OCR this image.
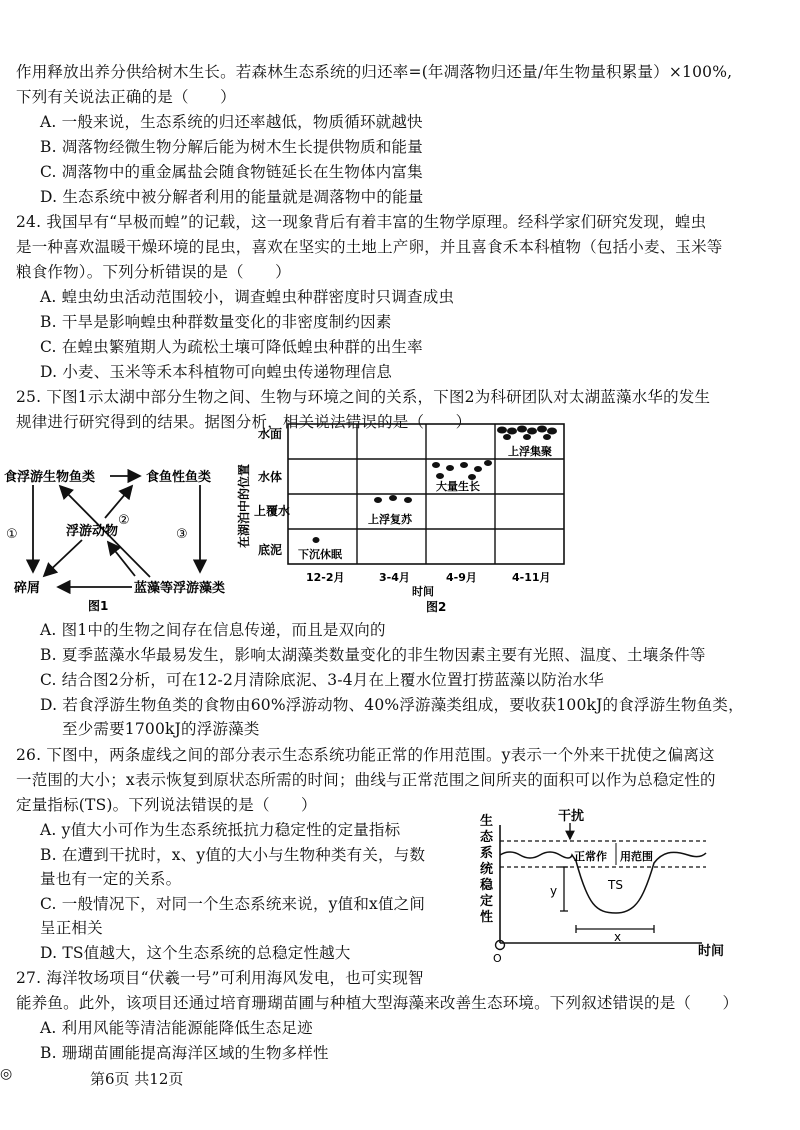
作用释放出养分供给树木生长。若森林生态系统的归还率=(年凋落物归还量/年生物量积累量）×100%,
下列有关说法正确的是（　　）
A. 一般来说，生态系统的归还率越低，物质循环就越快
B. 凋落物经微生物分解后能为树木生长提供物质和能量
C. 凋落物中的重金属盐会随食物链延长在生物体内富集
D. 生态系统中被分解者利用的能量就是凋落物中的能量
24. 我国早有“早极而蝗”的记载，这一现象背后有着丰富的生物学原理。经科学家们研究发现，蝗虫
是一种喜欢温暖干燥环境的昆虫，喜欢在坚实的土地上产卵，并且喜食禾本科植物（包括小麦、玉米等
粮食作物）。下列分析错误的是（　　）
A. 蝗虫幼虫活动范围较小，调查蝗虫种群密度时只调查成虫
B. 干旱是影响蝗虫种群数量变化的非密度制约因素
C. 在蝗虫繁殖期人为疏松土壤可降低蝗虫种群的出生率
D. 小麦、玉米等禾本科植物可向蝗虫传递物理信息
25. 下图1示太湖中部分生物之间、生物与环境之间的关系，下图2为科研团队对太湖蓝藻水华的发生
规律进行研究得到的结果。据图分析，相关说法错误的是（　　）
食浮游生物鱼类	食鱼性鱼类
浮游动物
碎屑	蓝藻等浮游藻类
①
②
③
图1
在湖泊中的位置
水面
水体
上覆水
底泥 下沉休眠
上浮复苏
大量生长
上浮集聚
12-2月	3-4月	4-9月	4-11月
时间
图2
A. 图1中的生物之间存在信息传递，而且是双向的
B. 夏季蓝藻水华最易发生，影响太湖藻类数量变化的非生物因素主要有光照、温度、土壤条件等
C. 结合图2分析，可在12-2月清除底泥、3-4月在上覆水位置打捞蓝藻以防治水华
D. 若食浮游生物鱼类的食物由60%浮游动物、40%浮游藻类组成，要收获100kJ的食浮游生物鱼类，
至少需要1700kJ的浮游藻类
26. 下图中，两条虚线之间的部分表示生态系统功能正常的作用范围。y表示一个外来干扰使之偏离这
一范围的大小；x表示恢复到原状态所需的时间；曲线与正常范围之间所夹的面积可以作为总稳定性的
定量指标(TS)。下列说法错误的是（　　）
A. y值大小可作为生态系统抵抗力稳定性的定量指标
B. 在遭到干扰时，x、y值的大小与生物种类有关，与数
量也有一定的关系。
C. 一般情况下，对同一个生态系统来说，y值和x值之间
呈正相关
D. TS值越大，这个生态系统的总稳定性越大
生
态
系
统
稳
定
性
O	时间
干扰
正常作 用范围
TS
y
x
27. 海洋牧场项目“伏羲一号”可利用海风发电，也可实现智
能养鱼。此外，该项目还通过培育珊瑚苗圃与种植大型海藻来改善生态环境。下列叙述错误的是（　　）
A. 利用风能等清洁能源能降低生态足迹
B. 珊瑚苗圃能提高海洋区域的生物多样性
◎	第6页 共12页
